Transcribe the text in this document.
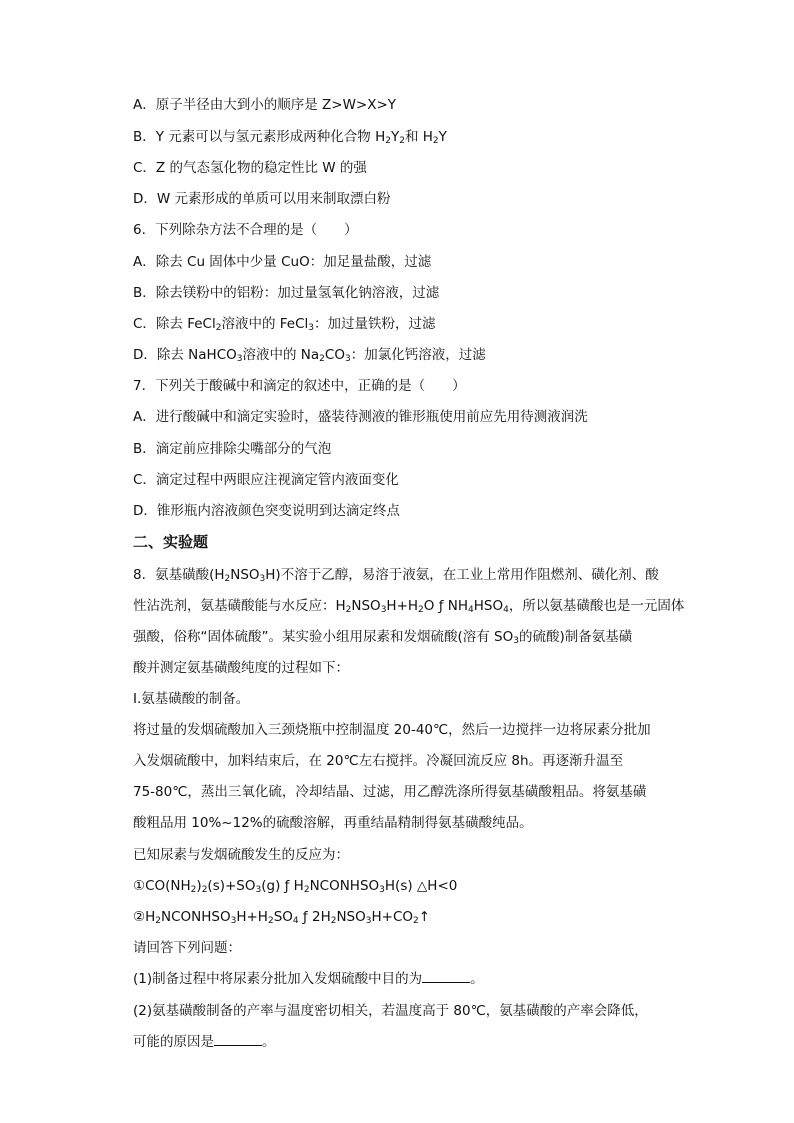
A．原子半径由大到小的顺序是 Z>W>X>Y
B．Y 元素可以与氢元素形成两种化合物 $H_2Y_2$和 $H_2Y$
C．Z 的气态氢化物的稳定性比 W 的强
D．W 元素形成的单质可以用来制取漂白粉
6．下列除杂方法不合理的是（　　）
A．除去 Cu 固体中少量 CuO：加足量盐酸，过滤
B．除去镁粉中的铝粉：加过量氢氧化钠溶液，过滤
C．除去 FeCl$_2$溶液中的 FeCl$_3$：加过量铁粉，过滤
D．除去 NaHCO$_3$溶液中的 $Na_2CO_3$：加氯化钙溶液，过滤
7．下列关于酸碱中和滴定的叙述中，正确的是（　　）
A．进行酸碱中和滴定实验时，盛装待测液的锥形瓶使用前应先用待测液润洗
B．滴定前应排除尖嘴部分的气泡
C．滴定过程中两眼应注视滴定管内液面变化
D．锥形瓶内溶液颜色突变说明到达滴定终点
二、实验题
8．氨基磺酸$(H_2NSO_3H)$不溶于乙醇，易溶于液氨，在工业上常用作阻燃剂、磺化剂、酸
性沾洗剂，氨基磺酸能与水反应：$H_2NSO_3H+H_2O$ ƒ $NH_4HSO_4$，所以氨基磺酸也是一元固体
强酸，俗称“固体硫酸”。某实验小组用尿素和发烟硫酸(溶有 $SO_3$的硫酸)制备氨基磺
酸并测定氨基磺酸纯度的过程如下：
I.氨基磺酸的制备。
将过量的发烟硫酸加入三颈烧瓶中控制温度 20-40℃，然后一边搅拌一边将尿素分批加
入发烟硫酸中，加料结束后，在 20℃左右搅拌。冷凝回流反应 8h。再逐渐升温至
75-80℃，蒸出三氧化硫，冷却结晶、过滤，用乙醇洗涤所得氨基磺酸粗品。将氨基磺
酸粗品用 10%~12%的硫酸溶解，再重结晶精制得氨基磺酸纯品。
已知尿素与发烟硫酸发生的反应为：
$①CO(NH_2)_2(s)+SO_3(g)$ ƒ $H_2NCONHSO_3H(s)$ △H<0
$②H_2NCONHSO_3H+H_2SO_4$ ƒ $2H_2NSO_3H+CO_2↑$
请回答下列问题：
(1)制备过程中将尿素分批加入发烟硫酸中目的为	。
(2)氨基磺酸制备的产率与温度密切相关，若温度高于 80℃，氨基磺酸的产率会降低，
可能的原因是	。
